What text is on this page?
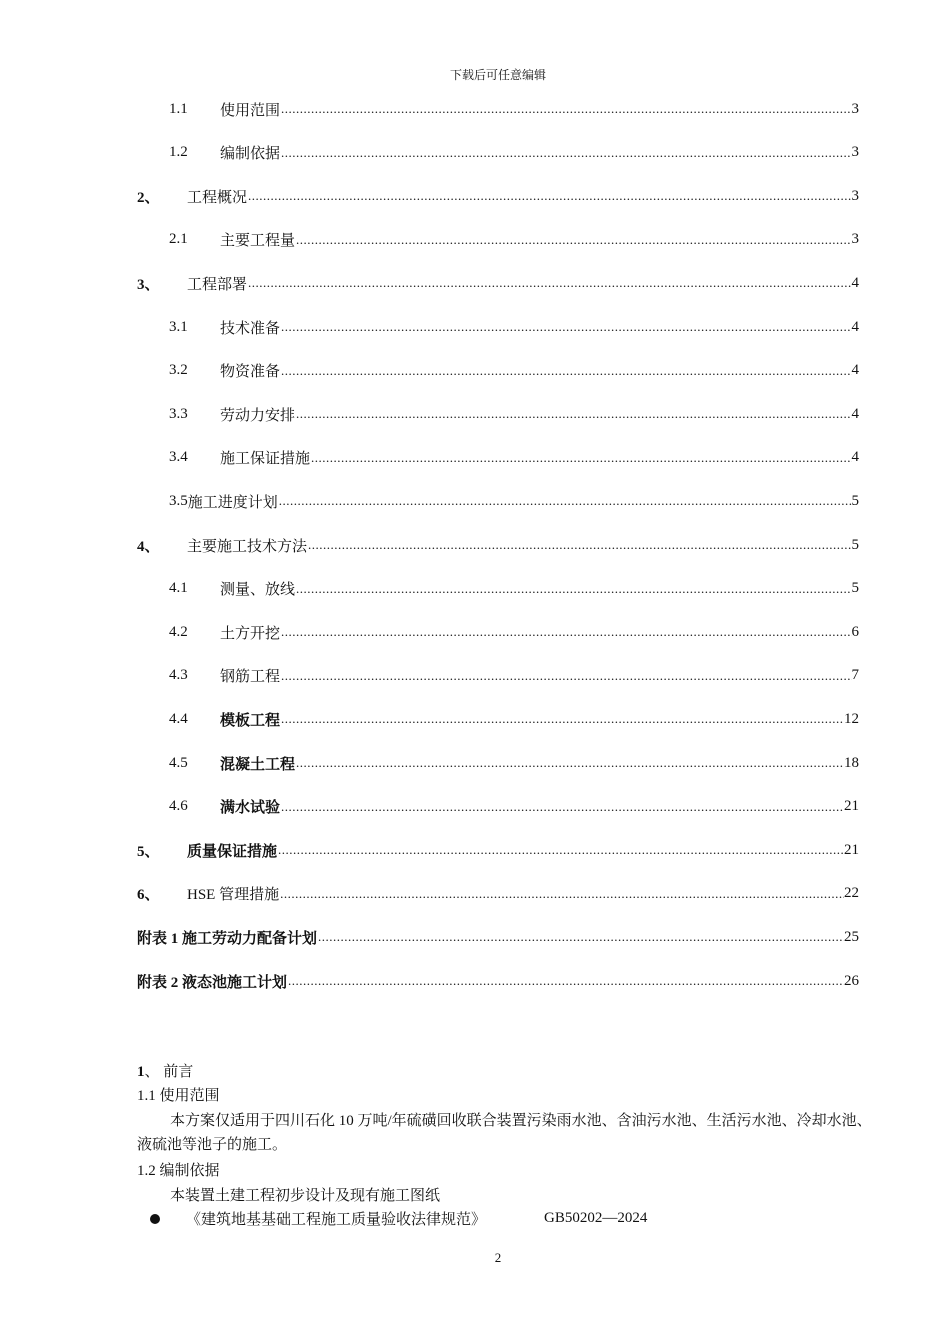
下载后可任意编辑
1.1	使用范围 .....	3
1.2	编制依据 .....	3
2、	工程概况 .....	3
2.1	主要工程量 .....	3
3、	工程部署 .....	4
3.1	技术准备 .....	4
3.2	物资准备 .....	4
3.3	劳动力安排 .....	4
3.4	施工保证措施 .....	4
3.5 施工进度计划 .....	5
4、	主要施工技术方法 .....	5
4.1	测量、放线 .....	5
4.2	土方开挖 .....	6
4.3	钢筋工程 .....	7
4.4	模板工程 .....	12
4.5	混凝土工程 .....	18
4.6	满水试验 .....	21
5、	质量保证措施 .....	21
6、	HSE 管理措施 .....	22
附表 1 施工劳动力配备计划 .....	25
附表 2 液态池施工计划 .....	26
1、 前言
1.1 使用范围
本方案仅适用于四川石化 10 万吨/年硫磺回收联合装置污染雨水池、含油污水池、生活污水池、冷却水池、液硫池等池子的施工。
1.2 编制依据
本装置土建工程初步设计及现有施工图纸
《建筑地基基础工程施工质量验收法律规范》	GB50202—2024
2
